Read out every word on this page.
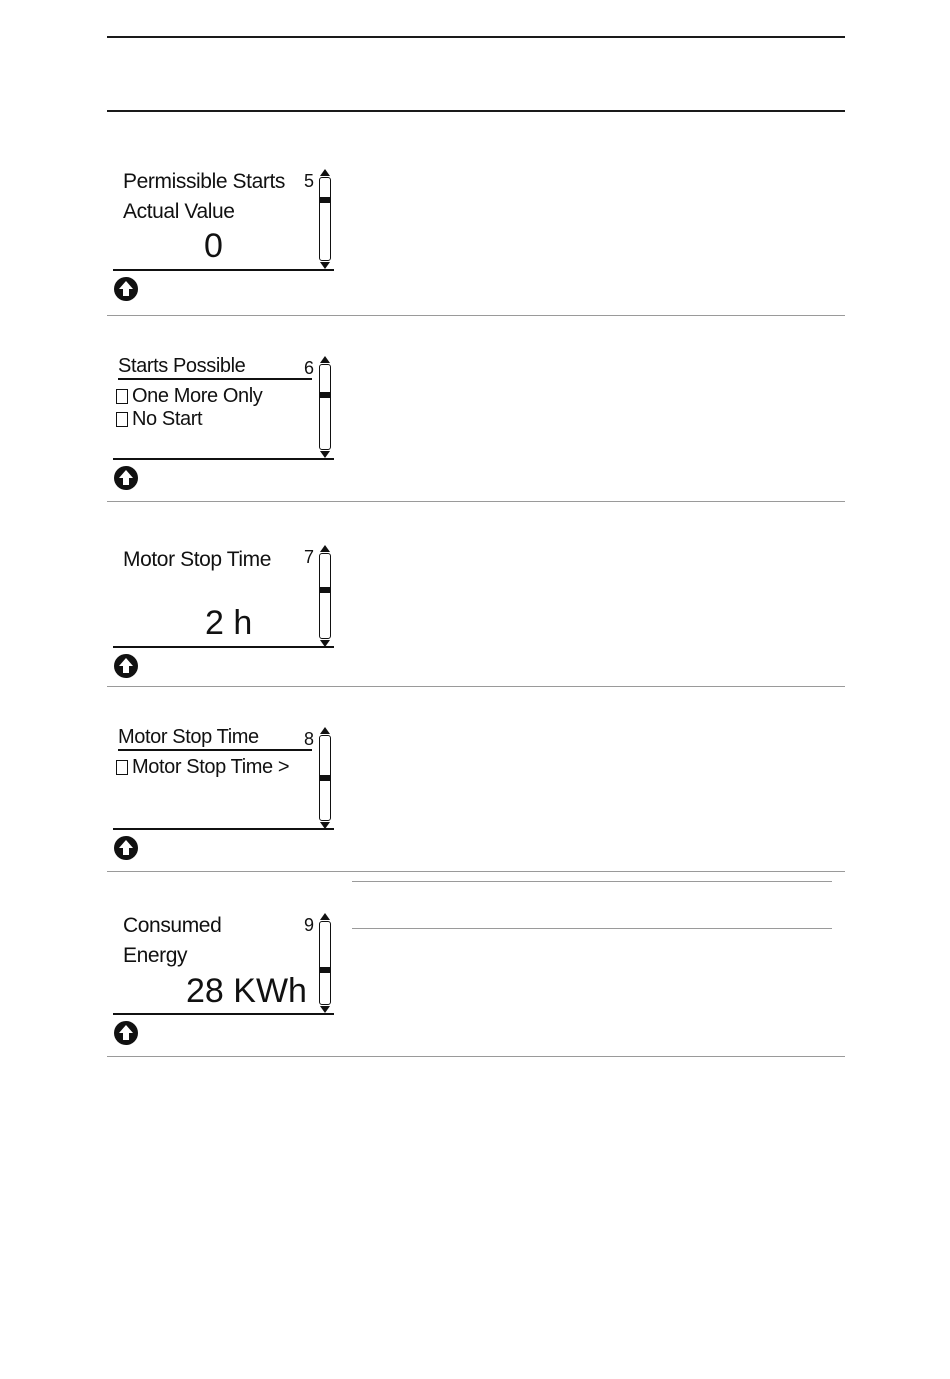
Permissible Starts
Actual Value
0
5
Starts Possible	6
One More Only
No Start
Motor Stop Time 7
2 h
Motor Stop Time	8
Motor Stop Time >
Consumed
Energy
28 KWh
9
